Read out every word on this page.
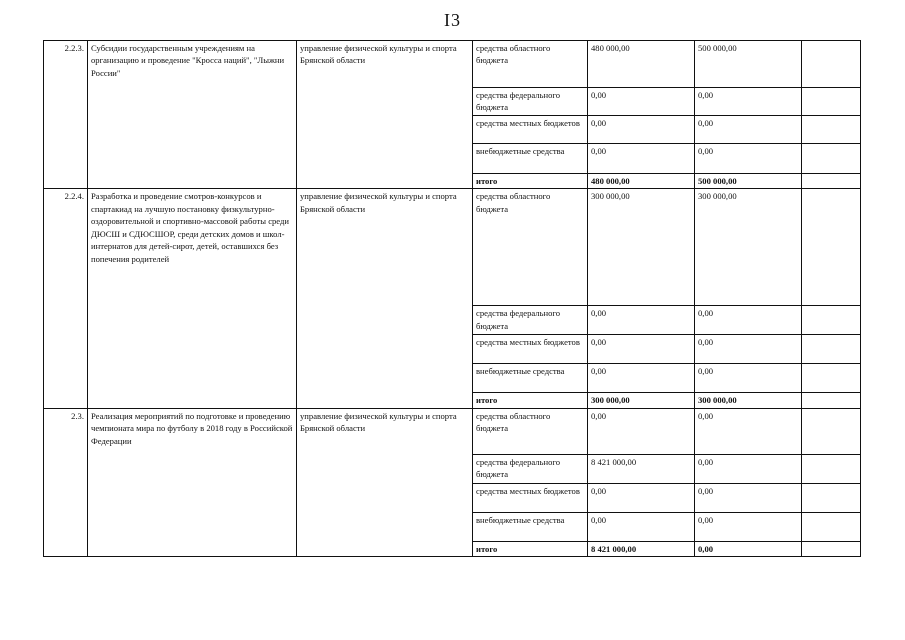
I3
2.2.3.	Субсидии государственным учреждениям на организацию и проведение "Кросса наций", "Лыжни России"	управление физической культуры и спорта Брянской области	средства областного бюджета	480 000,00	500 000,00	
			средства федерального бюджета	0,00	0,00	
			средства местных бюджетов	0,00	0,00	
			внебюджетные средства	0,00	0,00	
			итого	480 000,00	500 000,00	
2.2.4.	Разработка и проведение смотров-конкурсов и спартакиад на лучшую постановку физкультурно-оздоровительной и спортивно-массовой работы среди ДЮСШ и СДЮСШОР, среди детских домов и школ-интернатов для детей-сирот, детей, оставшихся без попечения родителей	управление физической культуры и спорта Брянской области	средства областного бюджета	300 000,00	300 000,00	
			средства федерального бюджета	0,00	0,00	
			средства местных бюджетов	0,00	0,00	
			внебюджетные средства	0,00	0,00	
			итого	300 000,00	300 000,00	
2.3.	Реализация мероприятий по подготовке и проведению чемпионата мира по футболу в 2018 году в Российской Федерации	управление физической культуры и спорта Брянской области	средства областного бюджета	0,00	0,00	
			средства федерального бюджета	8 421 000,00	0,00	
			средства местных бюджетов	0,00	0,00	
			внебюджетные средства	0,00	0,00	
			итого	8 421 000,00	0,00	
